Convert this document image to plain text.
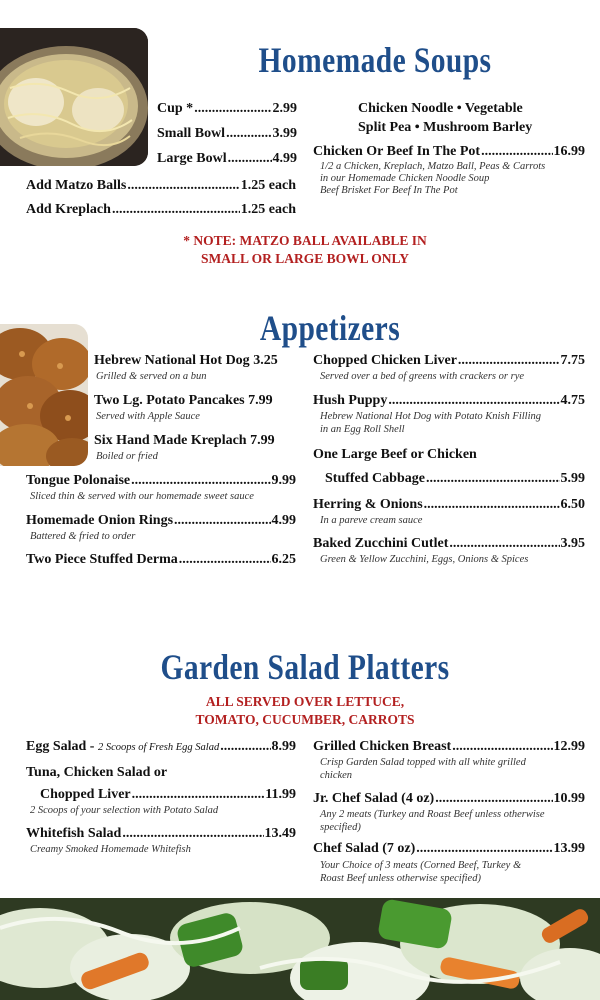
Homemade Soups
Cup * .....	2.99
Small Bowl .....	3.99
Large Bowl .....	4.99
Chicken Noodle • Vegetable
Split Pea • Mushroom Barley
Chicken Or Beef In The Pot .....	16.99
1/2 a Chicken, Kreplach, Matzo Ball, Peas & Carrots
in our Homemade Chicken Noodle Soup
Beef Brisket For Beef In The Pot
Add Matzo Balls .....	1.25 each
Add Kreplach .....	1.25 each
* NOTE: MATZO BALL AVAILABLE IN
SMALL OR LARGE BOWL ONLY
Appetizers
Hebrew National Hot Dog 3.25
Grilled & served on a bun
Two Lg. Potato Pancakes 7.99
Served with Apple Sauce
Six Hand Made Kreplach 7.99
Boiled or fried
Tongue Polonaise .....	9.99
Sliced thin & served with our homemade sweet sauce
Homemade Onion Rings .....	4.99
Battered & fried to order
Two Piece Stuffed Derma .....	6.25
Chopped Chicken Liver .....	7.75
Served over a bed of greens with crackers or rye
Hush Puppy .....	4.75
Hebrew National Hot Dog with Potato Knish Filling
in an Egg Roll Shell
One Large Beef or Chicken
Stuffed Cabbage .....	5.99
Herring & Onions .....	6.50
In a pareve cream sauce
Baked Zucchini Cutlet .....	3.95
Green & Yellow Zucchini, Eggs, Onions & Spices
Garden Salad Platters
ALL SERVED OVER LETTUCE,
TOMATO, CUCUMBER, CARROTS
Egg Salad - 2 Scoops of Fresh Egg Salad .....	8.99
Tuna, Chicken Salad or
Chopped Liver .....	11.99
2 Scoops of your selection with Potato Salad
Whitefish Salad .....	13.49
Creamy Smoked Homemade Whitefish
Grilled Chicken Breast .....	12.99
Crisp Garden Salad topped with all white grilled
chicken
Jr. Chef Salad (4 oz) .....	10.99
Any 2 meats (Turkey and Roast Beef unless otherwise
specified)
Chef Salad (7 oz) .....	13.99
Your Choice of 3 meats (Corned Beef, Turkey &
Roast Beef unless otherwise specified)
